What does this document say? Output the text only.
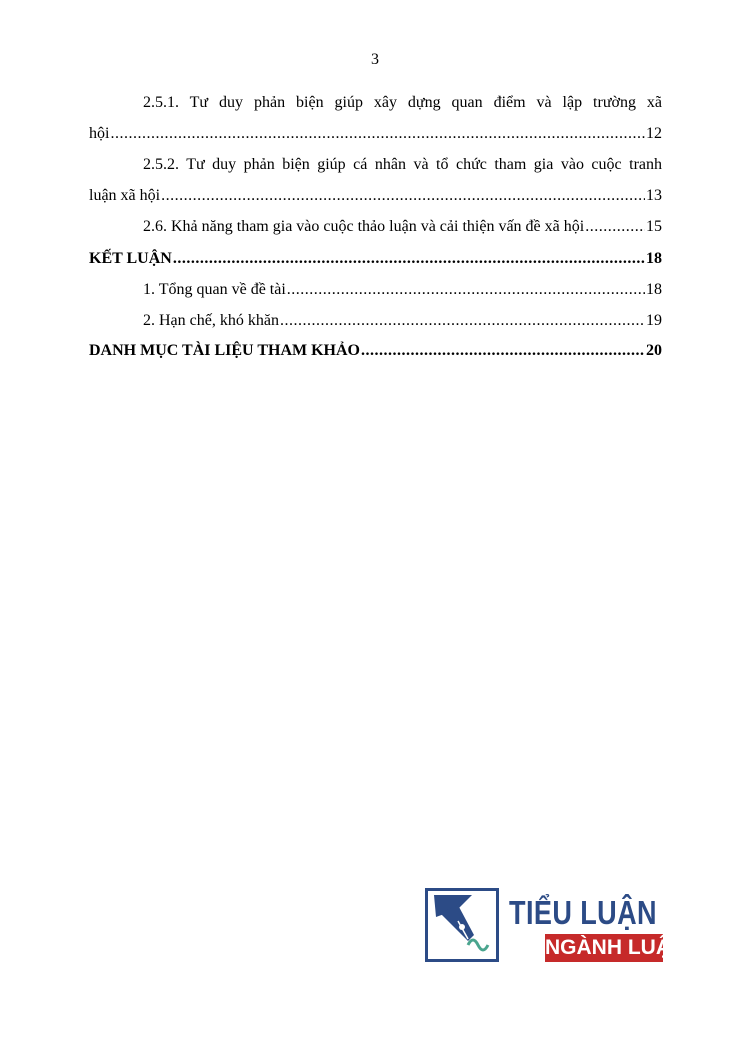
3
2.5.1. Tư duy phản biện giúp xây dựng quan điểm và lập trường xã
hội .....	12
2.5.2. Tư duy phản biện giúp cá nhân và tổ chức tham gia vào cuộc tranh
luận xã hội .....	13
2.6. Khả năng tham gia vào cuộc thảo luận và cải thiện vấn đề xã hội .....	15
KẾT LUẬN .....	18
1. Tổng quan về đề tài .....	18
2. Hạn chế, khó khăn .....	19
DANH MỤC TÀI LIỆU THAM KHẢO .....	20
TIỂU LUẬN
NGÀNH LUẬT
